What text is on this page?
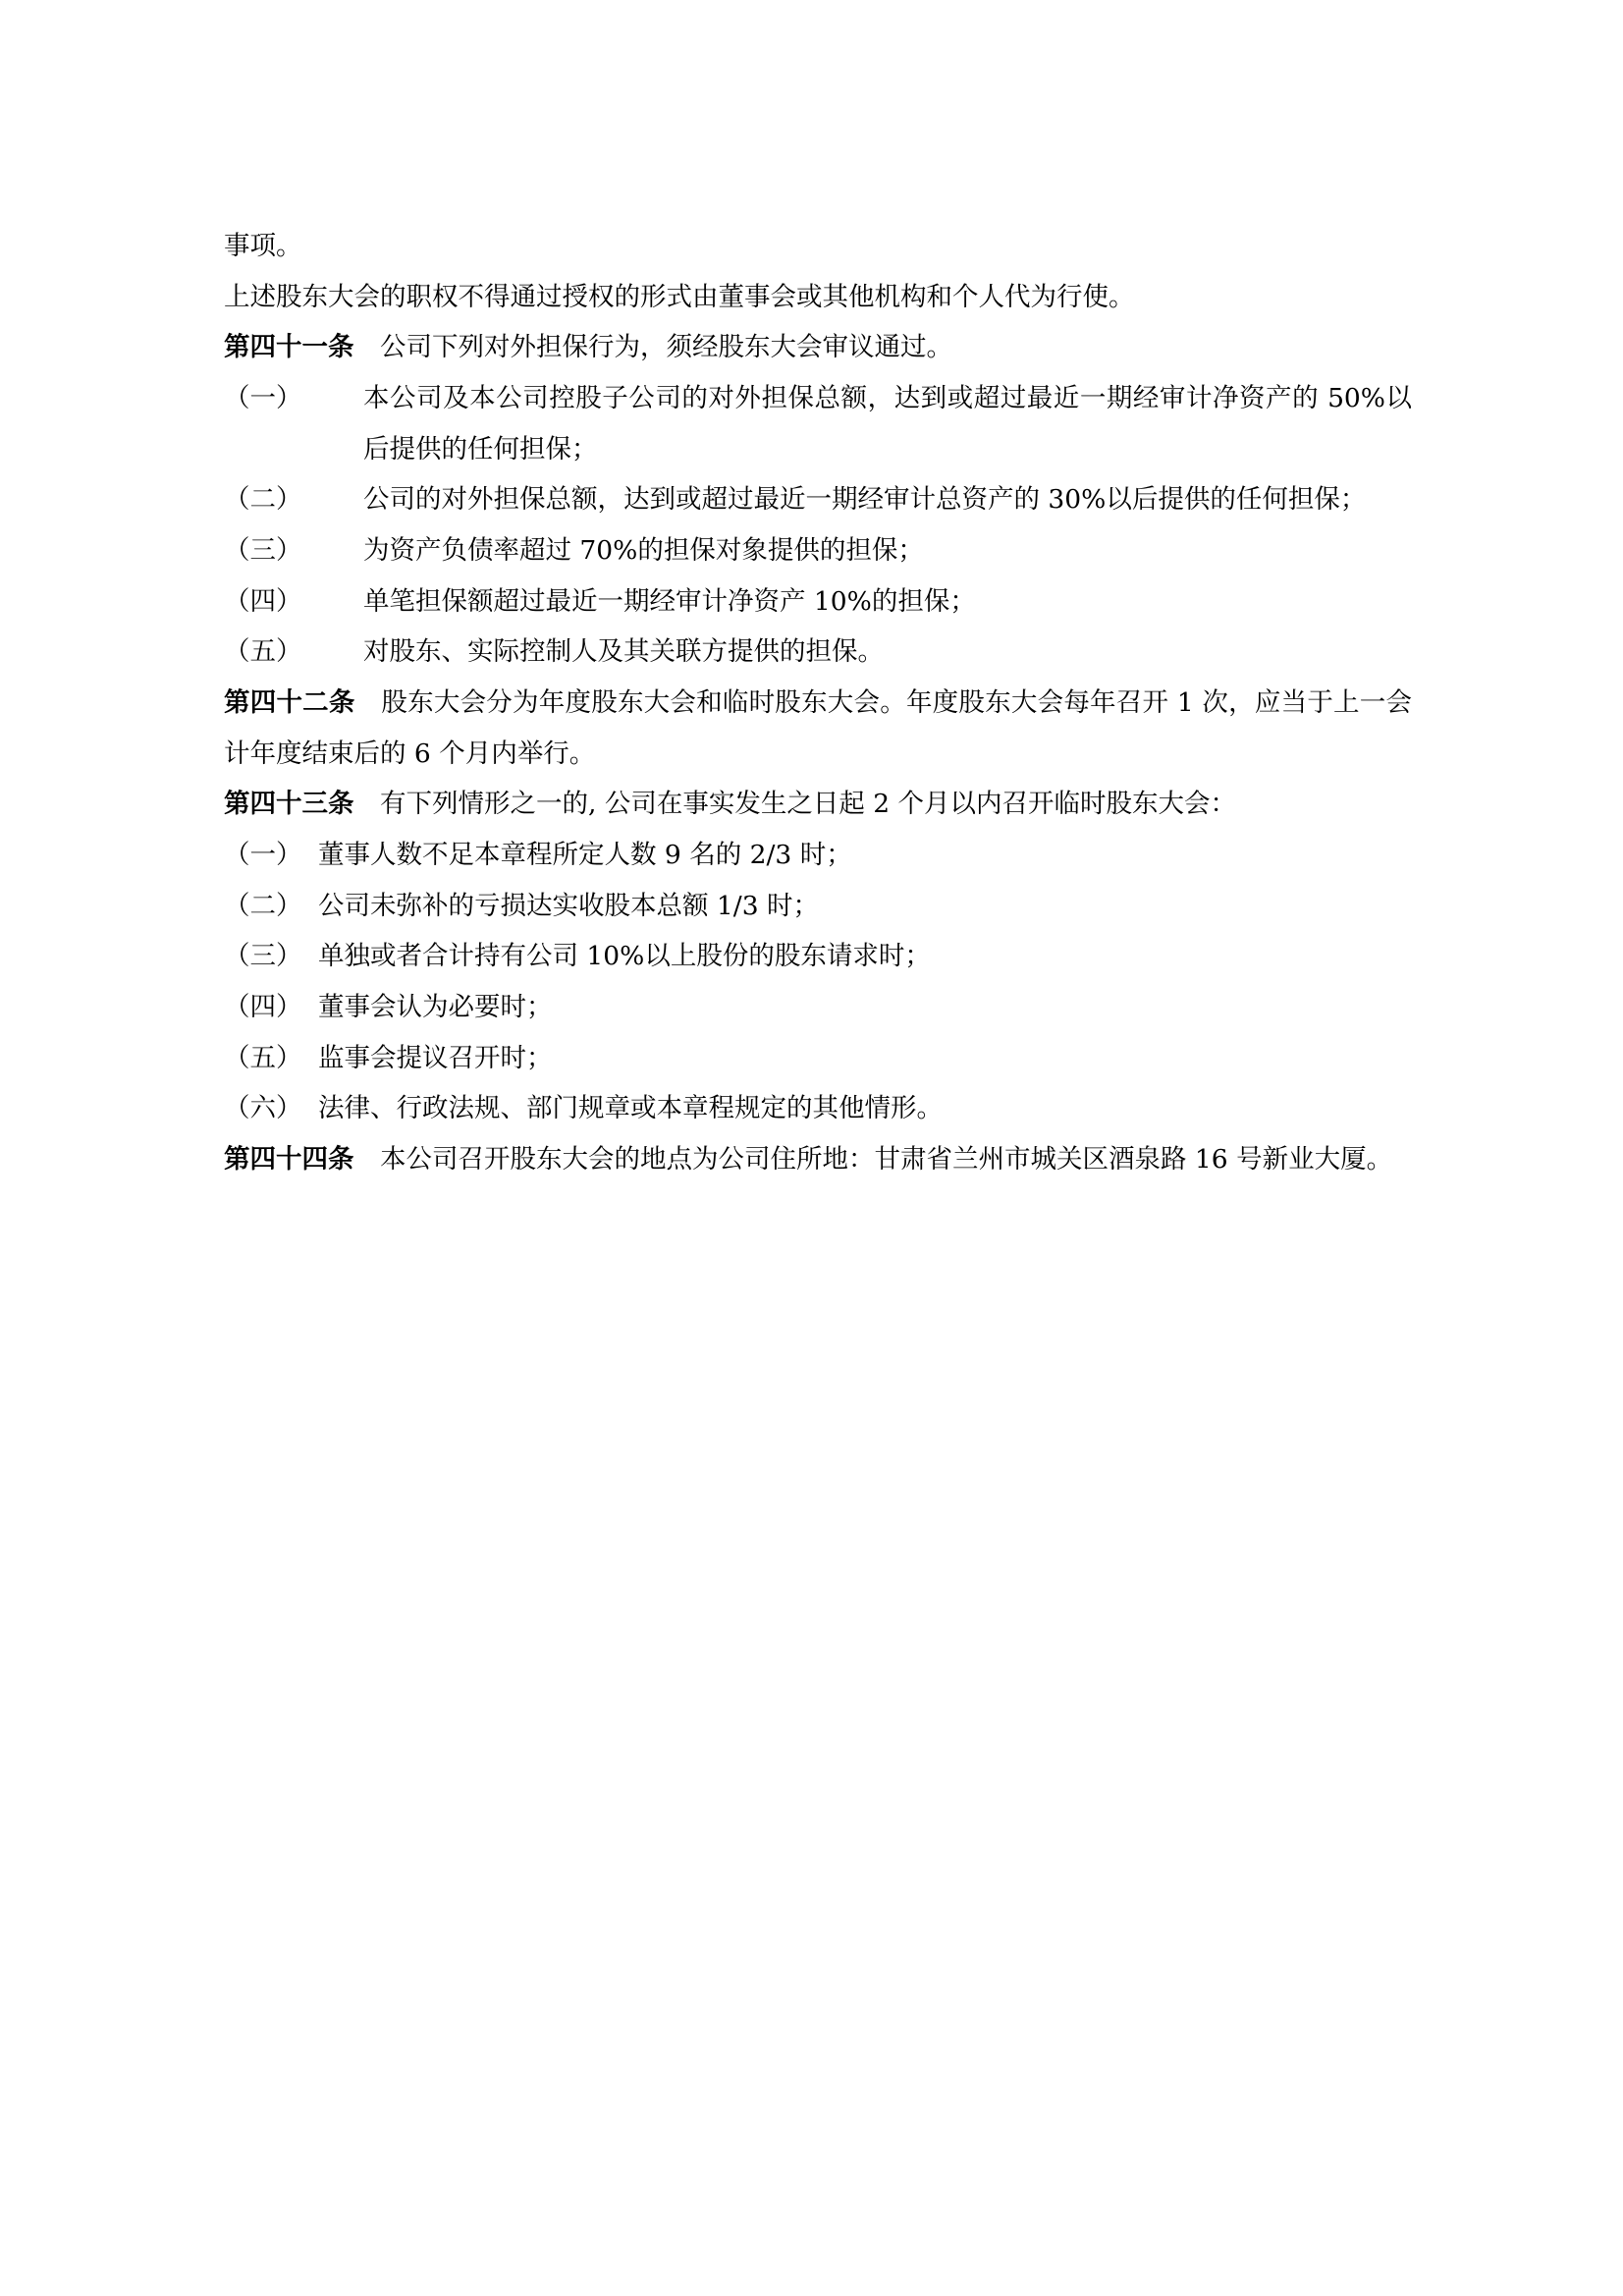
事项。
上述股东大会的职权不得通过授权的形式由董事会或其他机构和个人代为行使。
第四十一条   公司下列对外担保行为，须经股东大会审议通过。
（一）	本公司及本公司控股子公司的对外担保总额，达到或超过最近一期经审计净资产的 50%以后提供的任何担保；
（二）	公司的对外担保总额，达到或超过最近一期经审计总资产的 30%以后提供的任何担保；
（三）	为资产负债率超过 70%的担保对象提供的担保；
（四）	单笔担保额超过最近一期经审计净资产 10%的担保；
（五）	对股东、实际控制人及其关联方提供的担保。
第四十二条   股东大会分为年度股东大会和临时股东大会。年度股东大会每年召开 1 次，应当于上一会计年度结束后的 6 个月内举行。
第四十三条   有下列情形之一的, 公司在事实发生之日起 2 个月以内召开临时股东大会：
（一） 董事人数不足本章程所定人数 9 名的 2/3 时；
（二） 公司未弥补的亏损达实收股本总额 1/3 时；
（三） 单独或者合计持有公司 10%以上股份的股东请求时；
（四） 董事会认为必要时；
（五） 监事会提议召开时；
（六） 法律、行政法规、部门规章或本章程规定的其他情形。
第四十四条   本公司召开股东大会的地点为公司住所地：甘肃省兰州市城关区酒泉路 16 号新业大厦。
